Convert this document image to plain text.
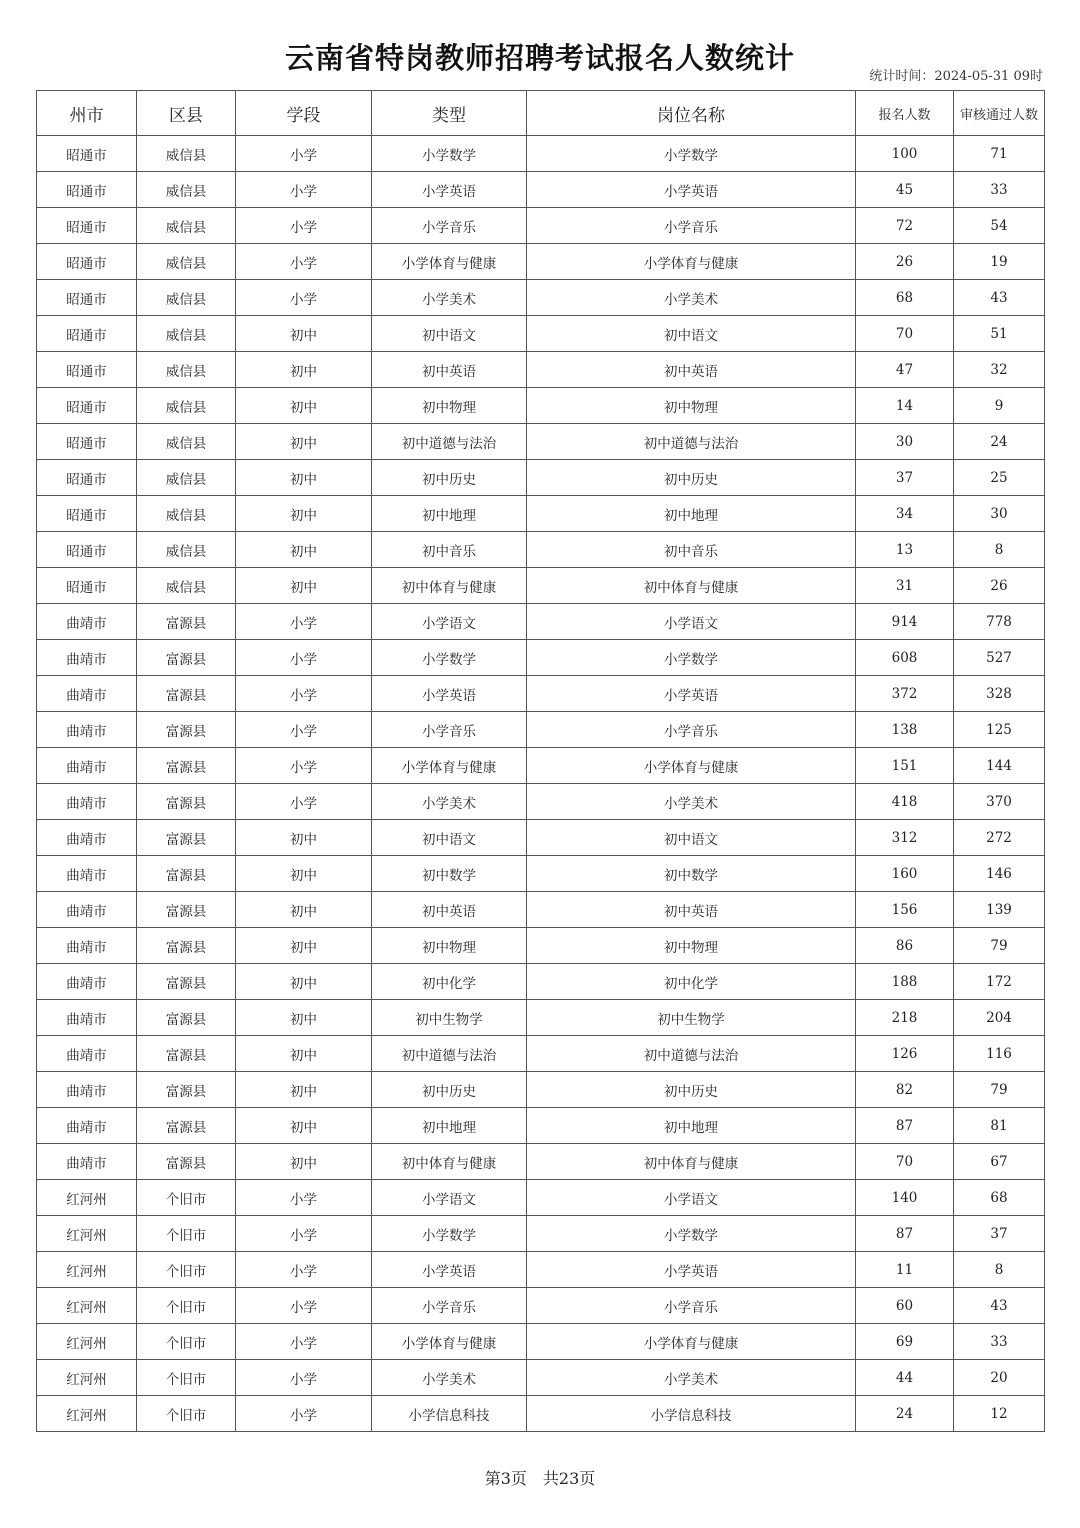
云南省特岗教师招聘考试报名人数统计
统计时间：2024-05-31 09时
州市	区县	学段	类型	岗位名称	报名人数	审核通过人数
昭通市	威信县	小学	小学数学	小学数学	100	71
昭通市	威信县	小学	小学英语	小学英语	45	33
昭通市	威信县	小学	小学音乐	小学音乐	72	54
昭通市	威信县	小学	小学体育与健康	小学体育与健康	26	19
昭通市	威信县	小学	小学美术	小学美术	68	43
昭通市	威信县	初中	初中语文	初中语文	70	51
昭通市	威信县	初中	初中英语	初中英语	47	32
昭通市	威信县	初中	初中物理	初中物理	14	9
昭通市	威信县	初中	初中道德与法治	初中道德与法治	30	24
昭通市	威信县	初中	初中历史	初中历史	37	25
昭通市	威信县	初中	初中地理	初中地理	34	30
昭通市	威信县	初中	初中音乐	初中音乐	13	8
昭通市	威信县	初中	初中体育与健康	初中体育与健康	31	26
曲靖市	富源县	小学	小学语文	小学语文	914	778
曲靖市	富源县	小学	小学数学	小学数学	608	527
曲靖市	富源县	小学	小学英语	小学英语	372	328
曲靖市	富源县	小学	小学音乐	小学音乐	138	125
曲靖市	富源县	小学	小学体育与健康	小学体育与健康	151	144
曲靖市	富源县	小学	小学美术	小学美术	418	370
曲靖市	富源县	初中	初中语文	初中语文	312	272
曲靖市	富源县	初中	初中数学	初中数学	160	146
曲靖市	富源县	初中	初中英语	初中英语	156	139
曲靖市	富源县	初中	初中物理	初中物理	86	79
曲靖市	富源县	初中	初中化学	初中化学	188	172
曲靖市	富源县	初中	初中生物学	初中生物学	218	204
曲靖市	富源县	初中	初中道德与法治	初中道德与法治	126	116
曲靖市	富源县	初中	初中历史	初中历史	82	79
曲靖市	富源县	初中	初中地理	初中地理	87	81
曲靖市	富源县	初中	初中体育与健康	初中体育与健康	70	67
红河州	个旧市	小学	小学语文	小学语文	140	68
红河州	个旧市	小学	小学数学	小学数学	87	37
红河州	个旧市	小学	小学英语	小学英语	11	8
红河州	个旧市	小学	小学音乐	小学音乐	60	43
红河州	个旧市	小学	小学体育与健康	小学体育与健康	69	33
红河州	个旧市	小学	小学美术	小学美术	44	20
红河州	个旧市	小学	小学信息科技	小学信息科技	24	12
第3页　共23页
